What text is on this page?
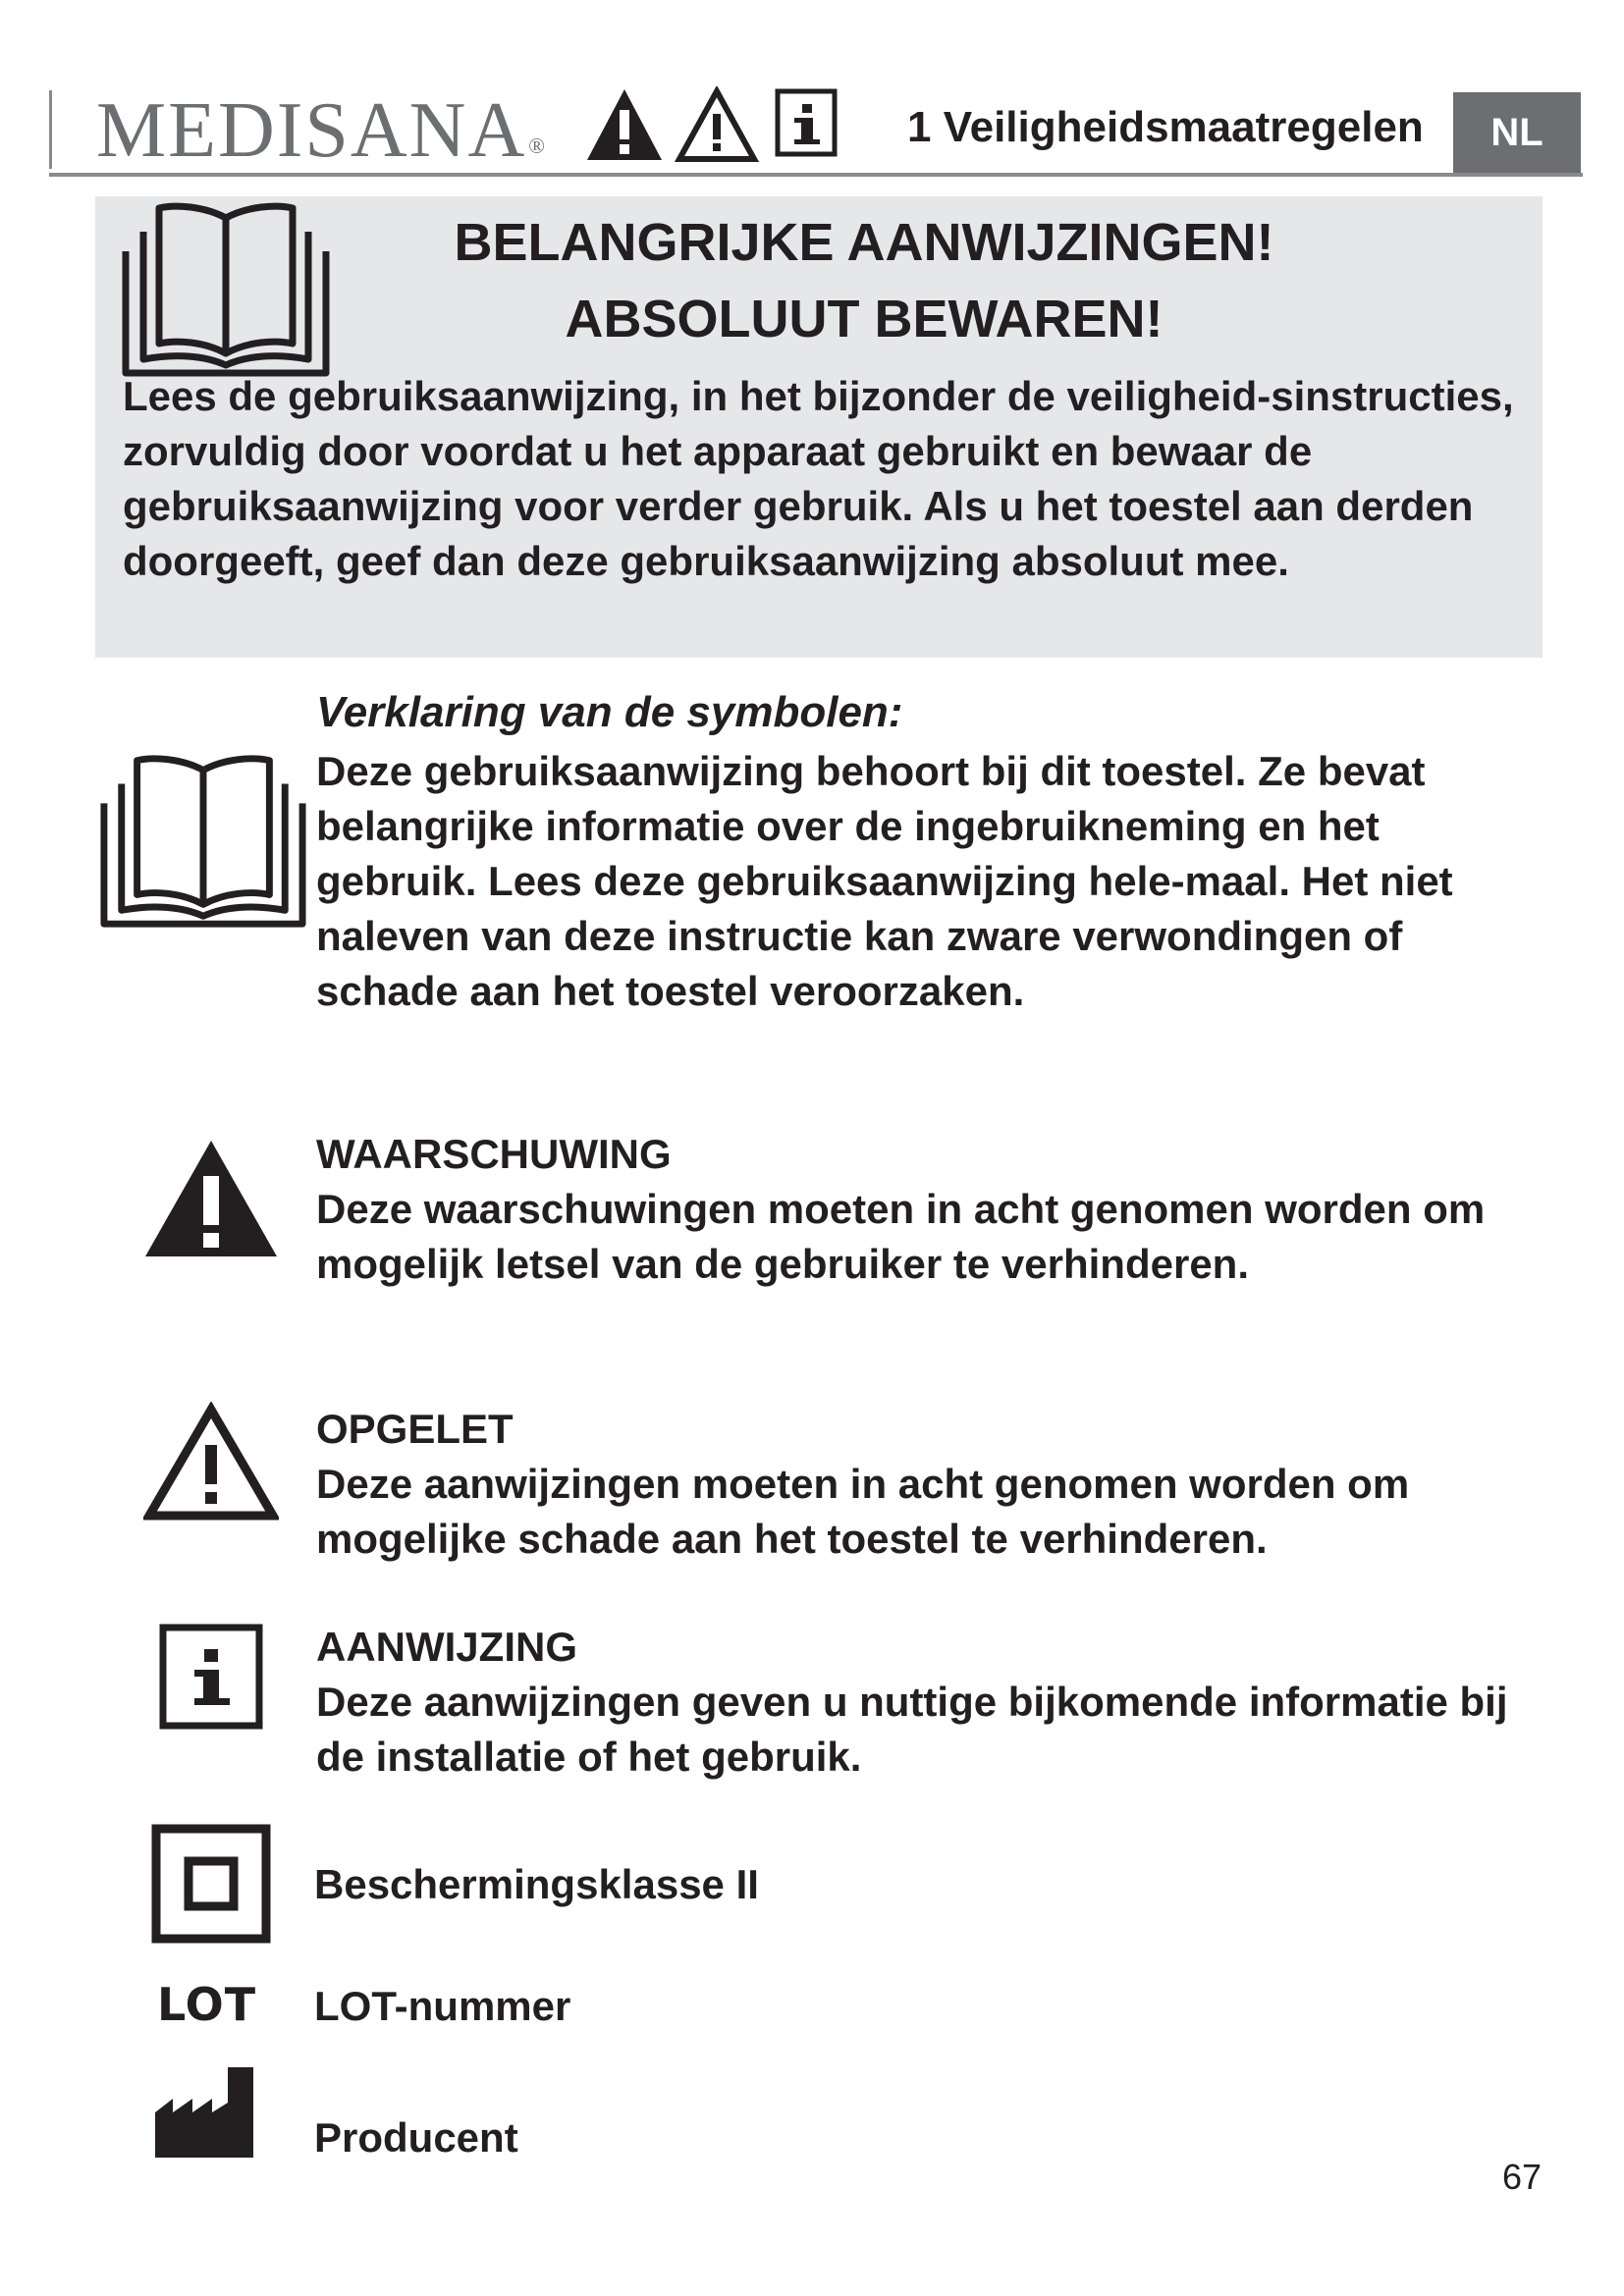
MEDISANA®	1 Veiligheidsmaatregelen	NL
BELANGRIJKE AANWIJZINGEN!
ABSOLUUT BEWAREN!
Lees de gebruiksaanwijzing, in het bijzonder de veiligheid-sinstructies, zorvuldig door voordat u het apparaat gebruikt en bewaar de gebruiksaanwijzing voor verder gebruik. Als u het toestel aan derden doorgeeft, geef dan deze gebruiksaanwijzing absoluut mee.
Verklaring van de symbolen:
Deze gebruiksaanwijzing behoort bij dit toestel. Ze bevat belangrijke informatie over de ingebruikneming en het gebruik. Lees deze gebruiksaanwijzing hele-maal. Het niet naleven van deze instructie kan zware verwondingen of schade aan het toestel veroorzaken.
WAARSCHUWING
Deze waarschuwingen moeten in acht genomen worden om mogelijk letsel van de gebruiker te verhinderen.
OPGELET
Deze aanwijzingen moeten in acht genomen worden om mogelijke schade aan het toestel te verhinderen.
AANWIJZING
Deze aanwijzingen geven u nuttige bijkomende informatie bij de installatie of het gebruik.
Beschermingsklasse II
LOT LOT-nummer
Producent
67
